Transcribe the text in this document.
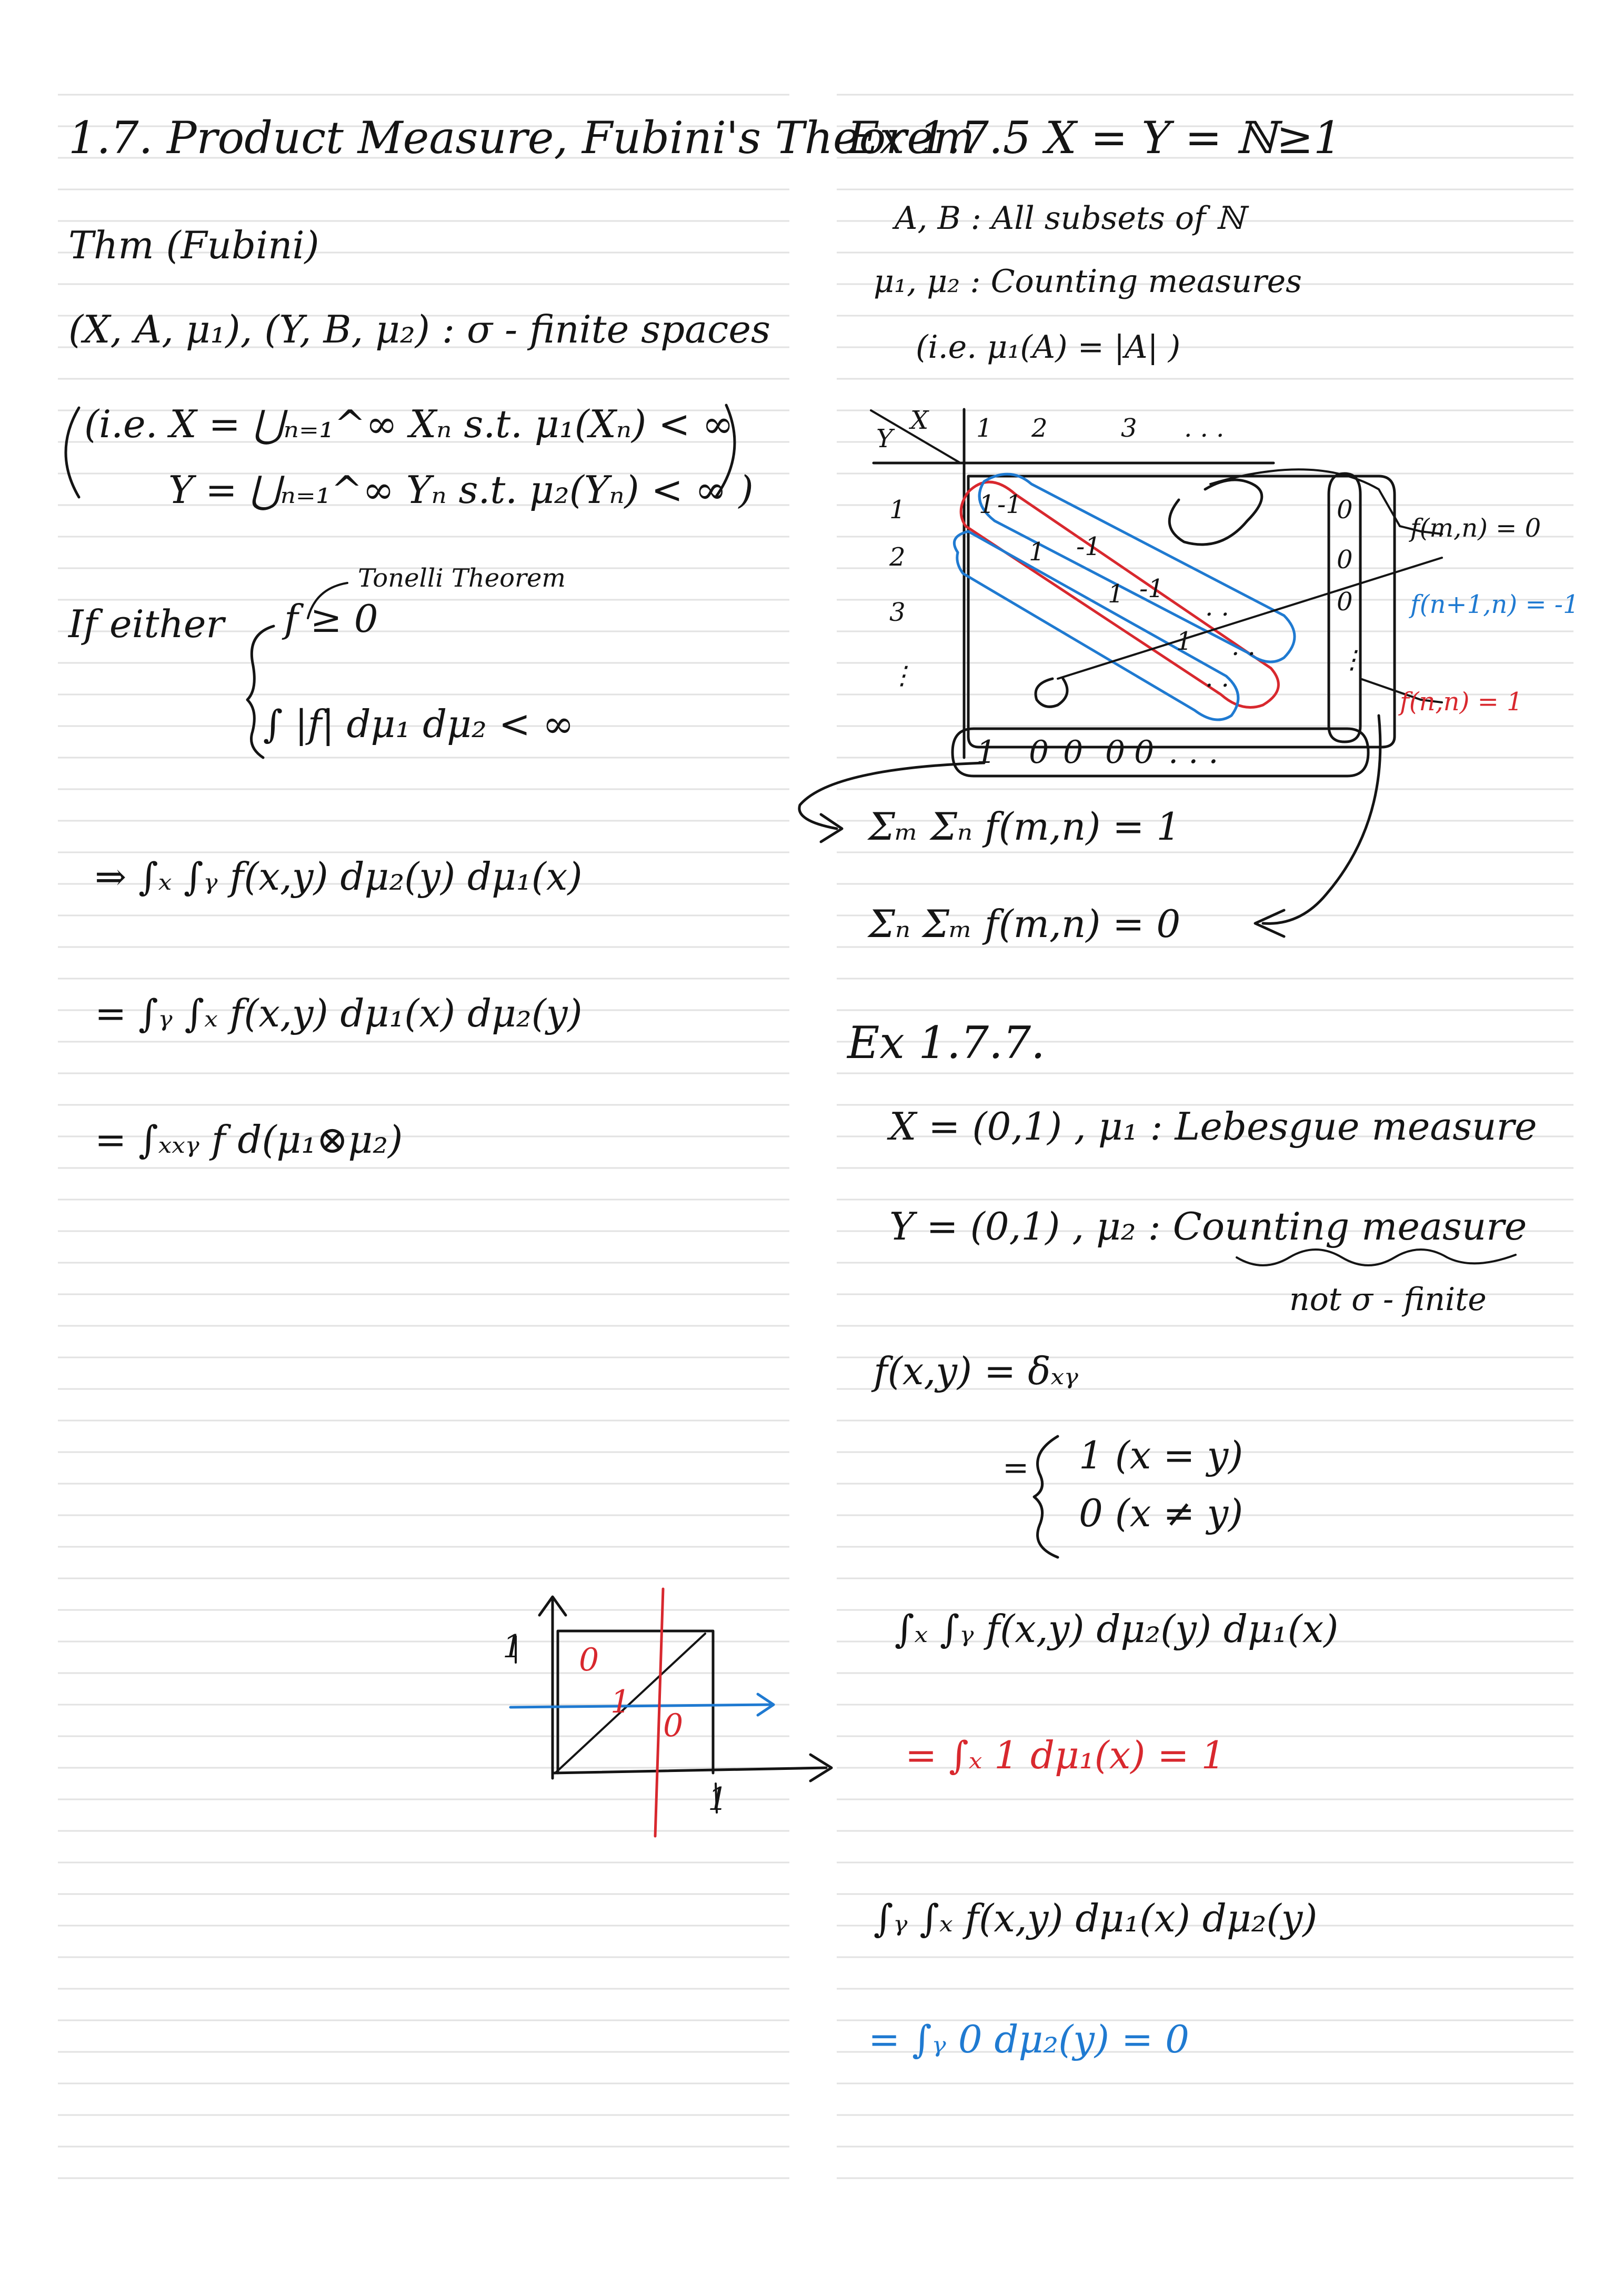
1.7. Product Measure, Fubini's Theorem
Thm (Fubini)
(X, A, μ₁), (Y, B, μ₂) : σ - finite spaces
(i.e. X = ⋃ₙ₌₁^∞ Xₙ s.t. μ₁(Xₙ) < ∞
Y = ⋃ₙ₌₁^∞ Yₙ s.t. μ₂(Yₙ) < ∞ )
Tonelli Theorem
If either f ≥ 0
∫ |f| dμ₁ dμ₂ < ∞
⇒ ∫ₓ ∫ᵧ f(x,y) dμ₂(y) dμ₁(x)
= ∫ᵧ ∫ₓ f(x,y) dμ₁(x) dμ₂(y)
= ∫ₓₓᵧ f d(μ₁⊗μ₂)
Ex 1.7.5 X = Y = ℕ≥1
A, B : All subsets of ℕ
μ₁, μ₂ : Counting measures
(i.e. μ₁(A) = |A| )
Y
X 1 2	3 . . .
1
2
3
⋮
1
1
1
1
-1
-1
-1
. .
. .
. .
0
0
0
⋮
1 0 0 0 0 . . .
f(m,n) = 0
f(n+1,n) = -1
f(n,n) = 1
Σₘ Σₙ f(m,n) = 1
Σₙ Σₘ f(m,n) = 0
Ex 1.7.7.
X = (0,1) , μ₁ : Lebesgue measure
Y = (0,1) , μ₂ : Counting measure
not σ - finite
f(x,y) = δₓᵧ
= 1 (x = y)
0 (x ≠ y)
∫ₓ ∫ᵧ f(x,y) dμ₂(y) dμ₁(x)
= ∫ₓ 1 dμ₁(x) = 1
∫ᵧ ∫ₓ f(x,y) dμ₁(x) dμ₂(y)
= ∫ᵧ 0 dμ₂(y) = 0
1
1
0
1
0
